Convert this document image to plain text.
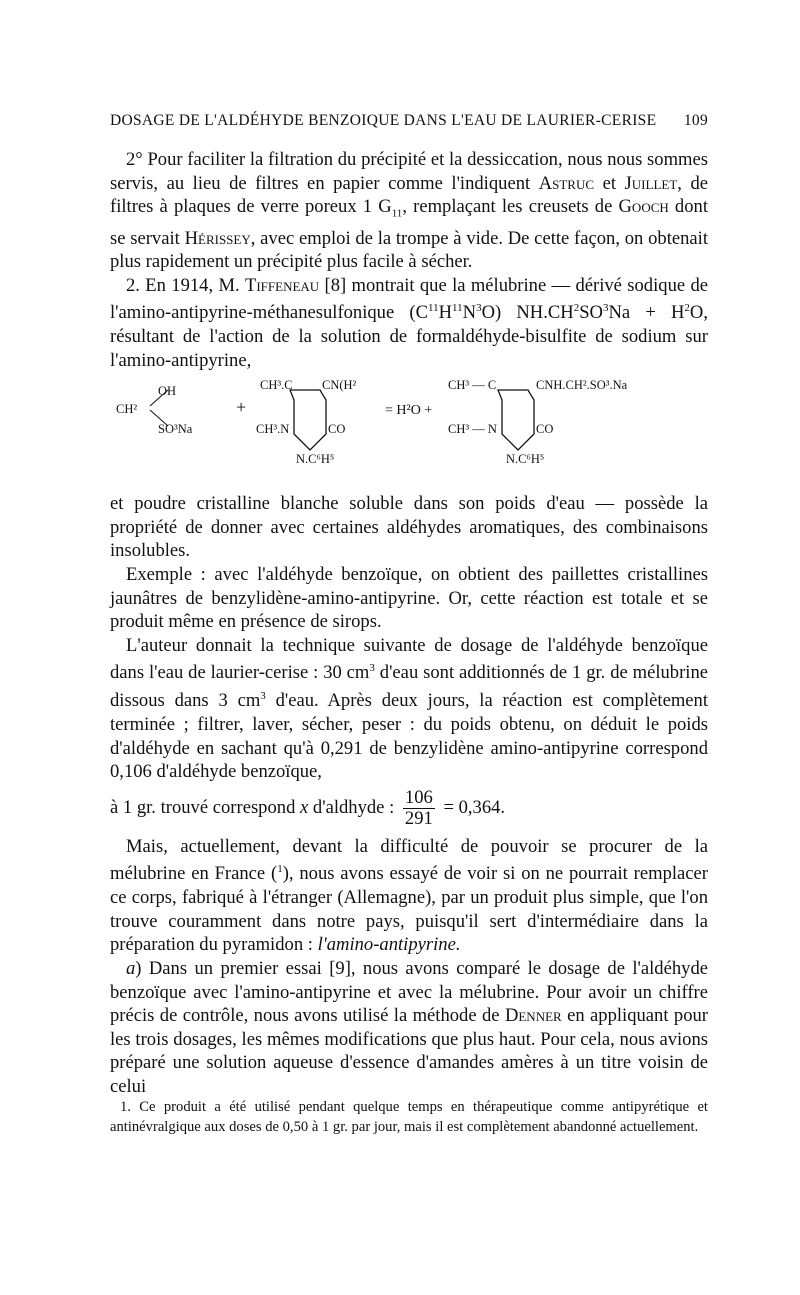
DOSAGE DE L'ALDÉHYDE BENZOIQUE DANS L'EAU DE LAURIER-CERISE 109

2° Pour faciliter la filtration du précipité et la dessiccation, nous nous sommes servis, au lieu de filtres en papier comme l'indiquent Astruc et Juillet, de filtres à plaques de verre poreux 1 $G_{11}$, remplaçant les creusets de Gooch dont se servait Hérissey, avec emploi de la trompe à vide. De cette façon, on obtenait plus rapidement un précipité plus facile à sécher.

2. En 1914, M. Tiffeneau [8] montrait que la mélubrine — dérivé sodique de l'amino-antipyrine-méthanesulfonique $(C^{11}H^{11}N^3O) NH.CH^2SO^3Na + H^2O$, résultant de l'action de la solution de formaldéhyde-bisulfite de sodium sur l'amino-antipyrine,

OH
CH²
SO³Na
+
CH³.C CN(H²
CH³.N	CO
N.C⁶H⁵
= H²O +
CH³ — C	CNH.CH².SO³.Na
CH³ — N	CO
N.C⁶H⁵

et poudre cristalline blanche soluble dans son poids d'eau — possède la propriété de donner avec certaines aldéhydes aromatiques, des combinaisons insolubles.

Exemple : avec l'aldéhyde benzoïque, on obtient des paillettes cristallines jaunâtres de benzylidène-amino-antipyrine. Or, cette réaction est totale et se produit même en présence de sirops.

L'auteur donnait la technique suivante de dosage de l'aldéhyde benzoïque dans l'eau de laurier-cerise : 30 $cm^3$ d'eau sont additionnés de 1 gr. de mélubrine dissous dans 3 $cm^3$ d'eau. Après deux jours, la réaction est complètement terminée ; filtrer, laver, sécher, peser : du poids obtenu, on déduit le poids d'aldéhyde en sachant qu'à 0,291 de benzylidène amino-antipyrine correspond 0,106 d'aldéhyde benzoïque,

à 1 gr. trouvé correspond x d'aldhyde : $\frac{106}{291} = 0,364$.

Mais, actuellement, devant la difficulté de pouvoir se procurer de la mélubrine en France ($^1$), nous avons essayé de voir si on ne pourrait remplacer ce corps, fabriqué à l'étranger (Allemagne), par un produit plus simple, que l'on trouve couramment dans notre pays, puisqu'il sert d'intermédiaire dans la préparation du pyramidon : l'amino-antipyrine.

a) Dans un premier essai [9], nous avons comparé le dosage de l'aldéhyde benzoïque avec l'amino-antipyrine et avec la mélubrine. Pour avoir un chiffre précis de contrôle, nous avons utilisé la méthode de Denner en appliquant pour les trois dosages, les mêmes modifications que plus haut. Pour cela, nous avions préparé une solution aqueuse d'essence d'amandes amères à un titre voisin de celui

1. Ce produit a été utilisé pendant quelque temps en thérapeutique comme antipyrétique et antinévralgique aux doses de 0,50 à 1 gr. par jour, mais il est complètement abandonné actuellement.
